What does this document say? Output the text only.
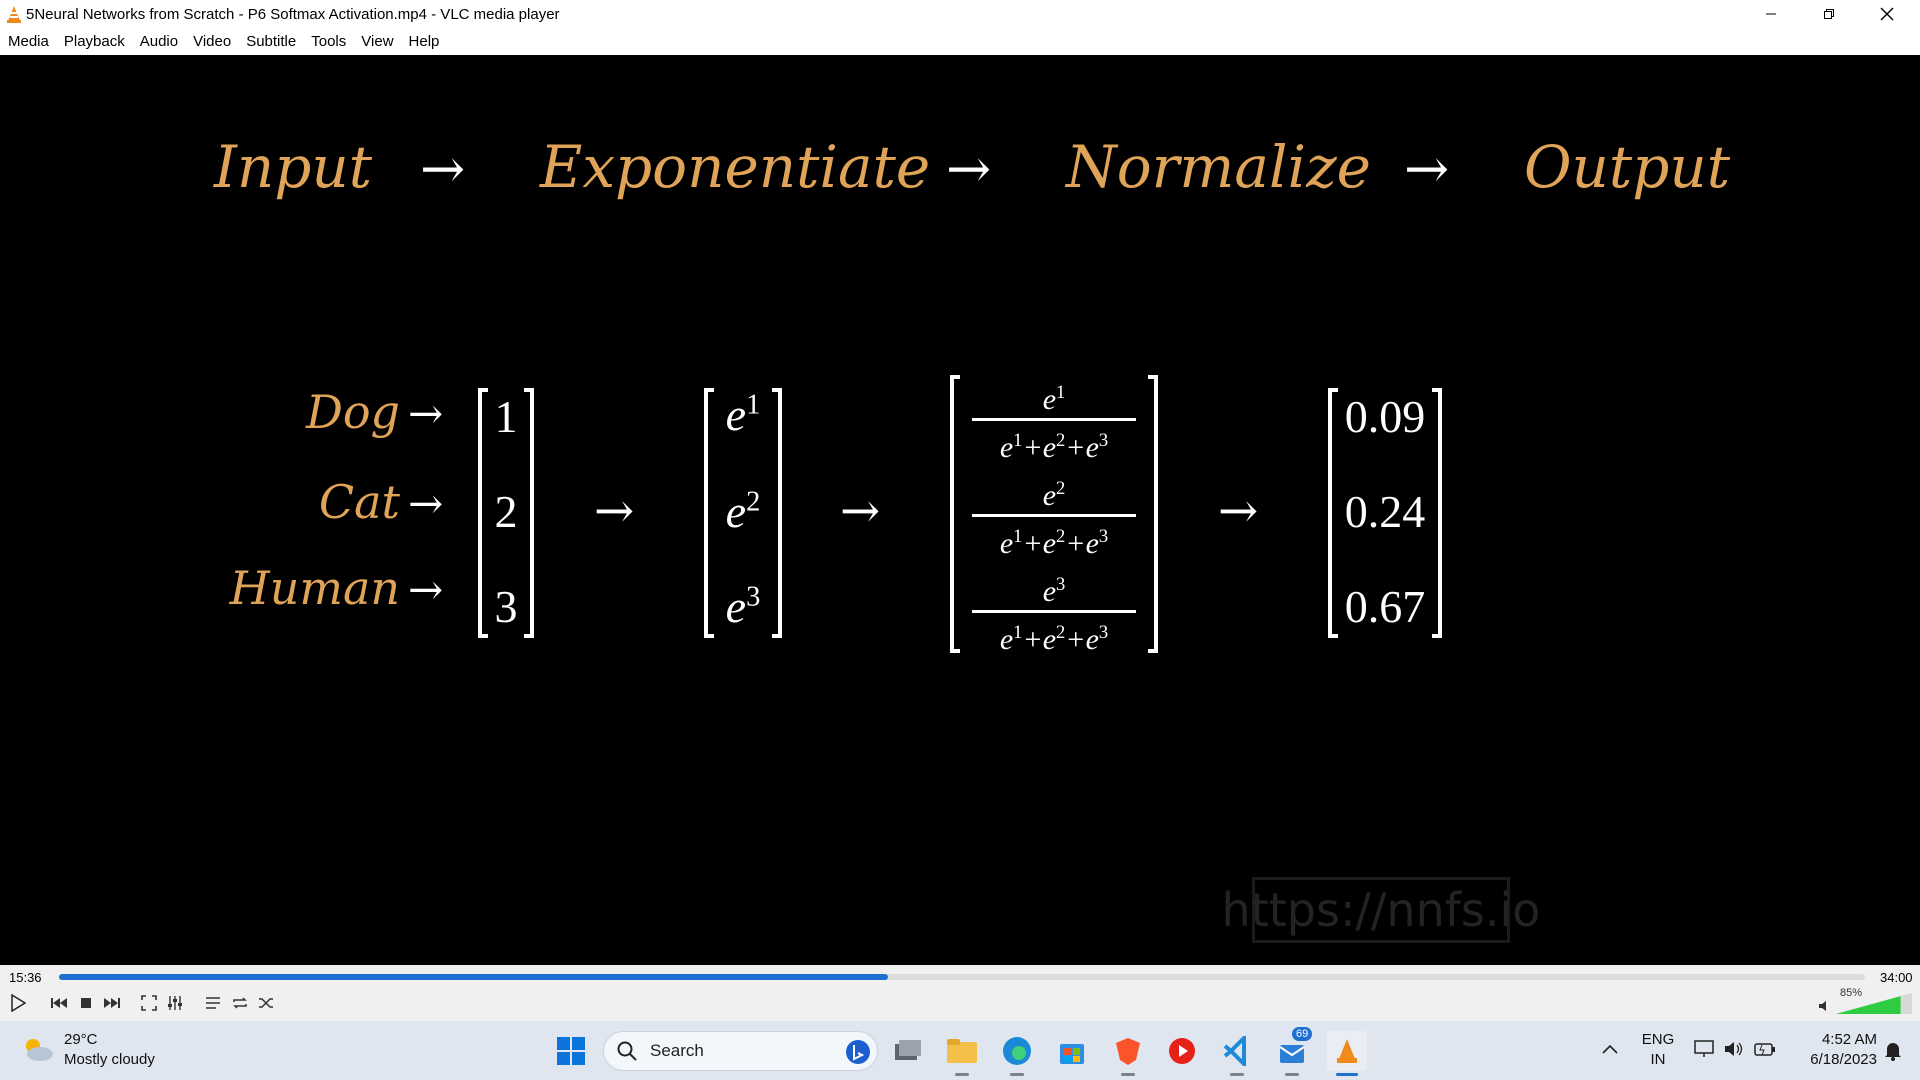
5Neural Networks from Scratch - P6 Softmax Activation.mp4 - VLC media player
Media Playback Audio Video Subtitle Tools View Help
Input → Exponentiate → Normalize → Output
Dog →
Cat →
Human →
1
2
3
→
$e^1$
$e^2$
$e^3$
→
$e^1$
$e^1+e^2+e^3$
$e^2$
$e^1+e^2+e^3$
$e^3$
$e^1+e^2+e^3$
→
0.09
0.24
0.67
https://nnfs.io
15:36	34:00
85%
29°C
Mostly cloudy	Search
69	ENG
IN
4:52 AM
6/18/2023
